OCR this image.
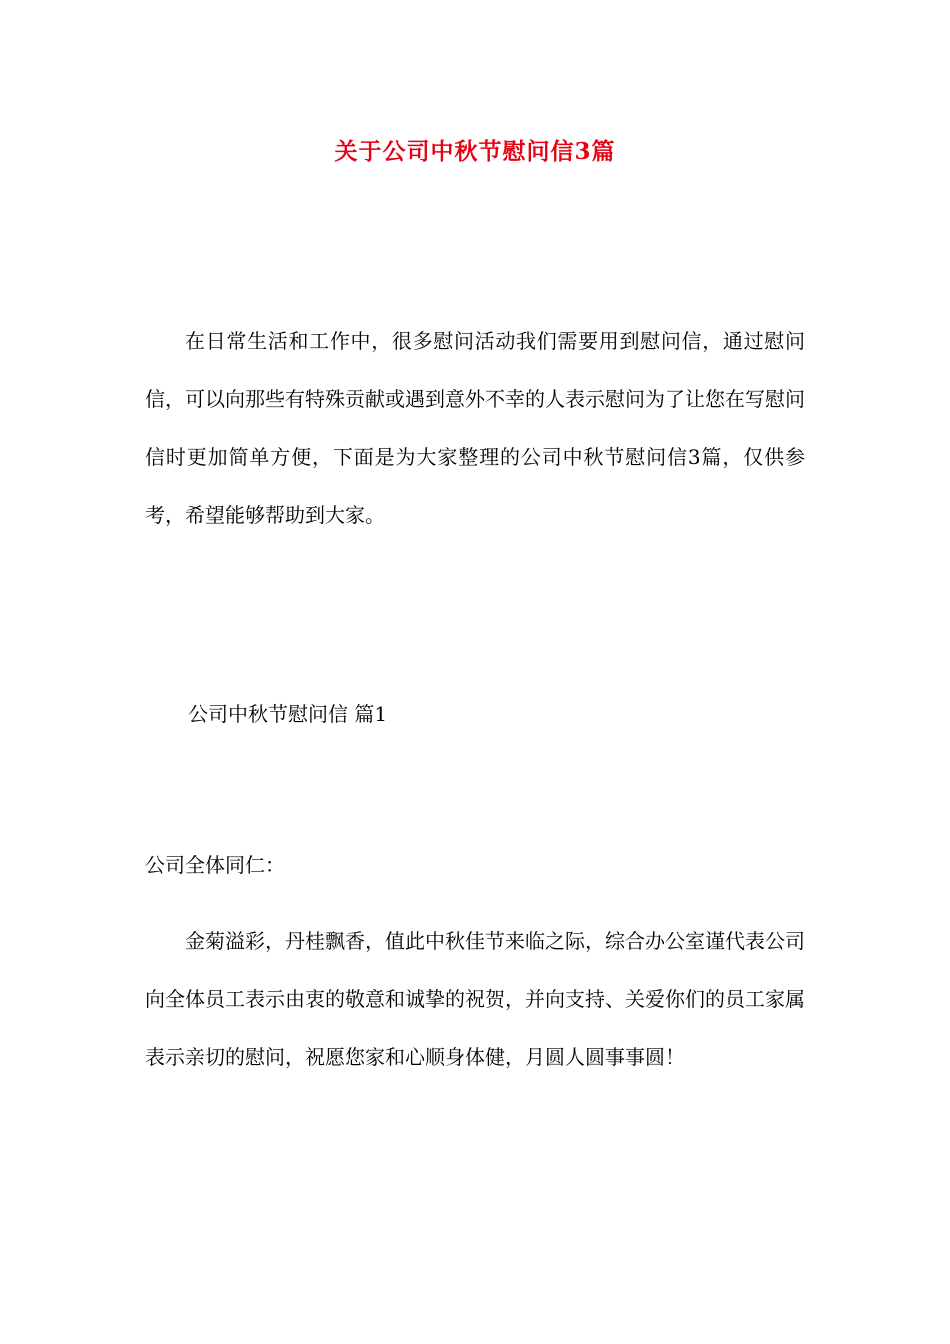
关于公司中秋节慰问信3篇

在日常生活和工作中，很多慰问活动我们需要用到慰问信，通过慰问信，可以向那些有特殊贡献或遇到意外不幸的人表示慰问为了让您在写慰问信时更加简单方便，下面是为大家整理的公司中秋节慰问信3篇，仅供参考，希望能够帮助到大家。

公司中秋节慰问信 篇1

公司全体同仁：

金菊溢彩，丹桂飘香，值此中秋佳节来临之际，综合办公室谨代表公司向全体员工表示由衷的敬意和诚挚的祝贺，并向支持、关爱你们的员工家属表示亲切的慰问，祝愿您家和心顺身体健，月圆人圆事事圆！
